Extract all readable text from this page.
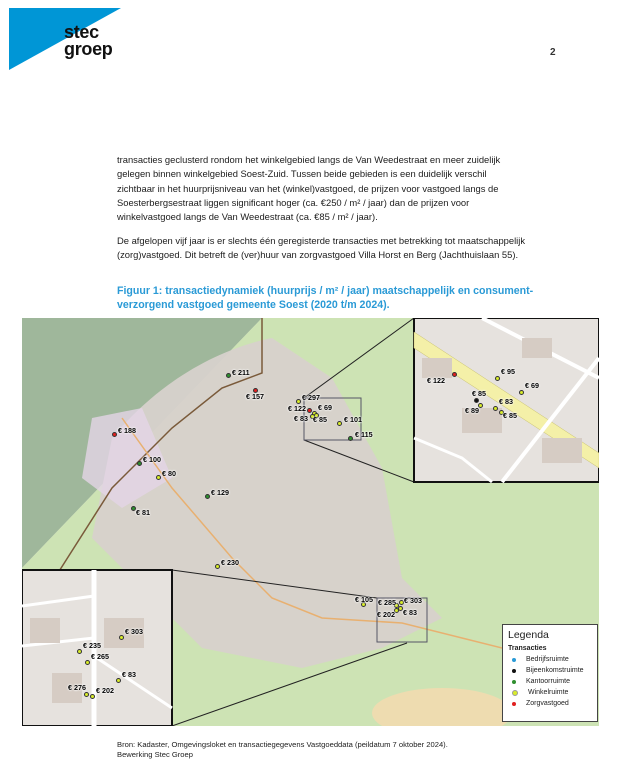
stec
groep	2
transacties geclusterd rondom het winkelgebied langs de Van Weedestraat en meer zuidelijk gelegen binnen winkelgebied Soest-Zuid. Tussen beide gebieden is een duidelijk verschil zichtbaar in het huurprijsniveau van het (winkel)vastgoed, de prijzen voor vastgoed langs de Soesterbergsestraat liggen significant hoger (ca. €250 / m² / jaar) dan de prijzen voor winkelvastgoed langs de Van Weedestraat (ca. €85 / m² / jaar).
De afgelopen vijf jaar is er slechts één geregisterde transacties met betrekking tot maatschappelijk (zorg)vastgoed. Dit betreft de (ver)huur van zorgvastgoed Villa Horst en Berg (Jachthuislaan 55).
Figuur 1: transactiedynamiek (huurprijs / m² / jaar) maatschappelijk en consument-verzorgend vastgoed gemeente Soest (2020 t/m 2024).
€ 211
€ 157
€ 188
€ 297
€ 122 € 69
€ 83 € 85 € 101
€ 115
€ 100
€ 80
€ 129
€ 81
€ 230
€ 105 € 285 € 303
€ 202 € 83
€ 122
€ 95
€ 69
€ 85
€ 89
€ 83
€ 85
€ 303
€ 235
€ 265
€ 83
€ 276 € 202
Legenda
Transacties
Bedrijfsruimte
Bijeenkomstruimte
Kantoorruimte
Winkelruimte
Zorgvastgoed
Bron: Kadaster, Omgevingsloket en transactiegegevens Vastgoeddata (peildatum 7 oktober 2024).
Bewerking Stec Groep
